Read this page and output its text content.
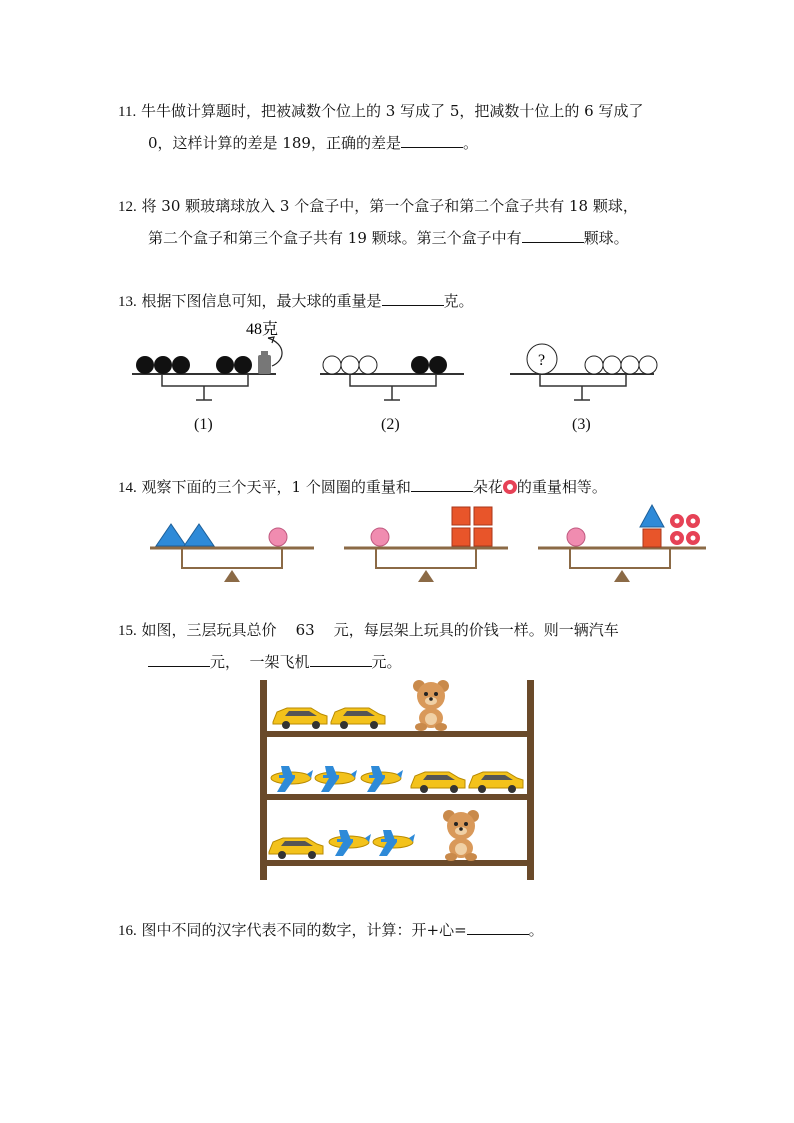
11. 牛牛做计算题时，把被减数个位上的 3 写成了 5，把减数十位上的 6 写成了
0，这样计算的差是 189，正确的差是	。
12. 将 30 颗玻璃球放入 3 个盒子中，第一个盒子和第二个盒子共有 18 颗球，
第二个盒子和第三个盒子共有 19 颗球。第三个盒子中有	颗球。
13. 根据下图信息可知，最大球的重量是	克。
48克
?
(1)	(2)	(3)
14. 观察下面的三个天平，1 个圆圈的重量和	朵花 的重量相等。
15. 如图，三层玩具总价    63    元，每层架上玩具的价钱一样。则一辆汽车
元，  一架飞机	元。
16. 图中不同的汉字代表不同的数字，计算：开+心=	。
